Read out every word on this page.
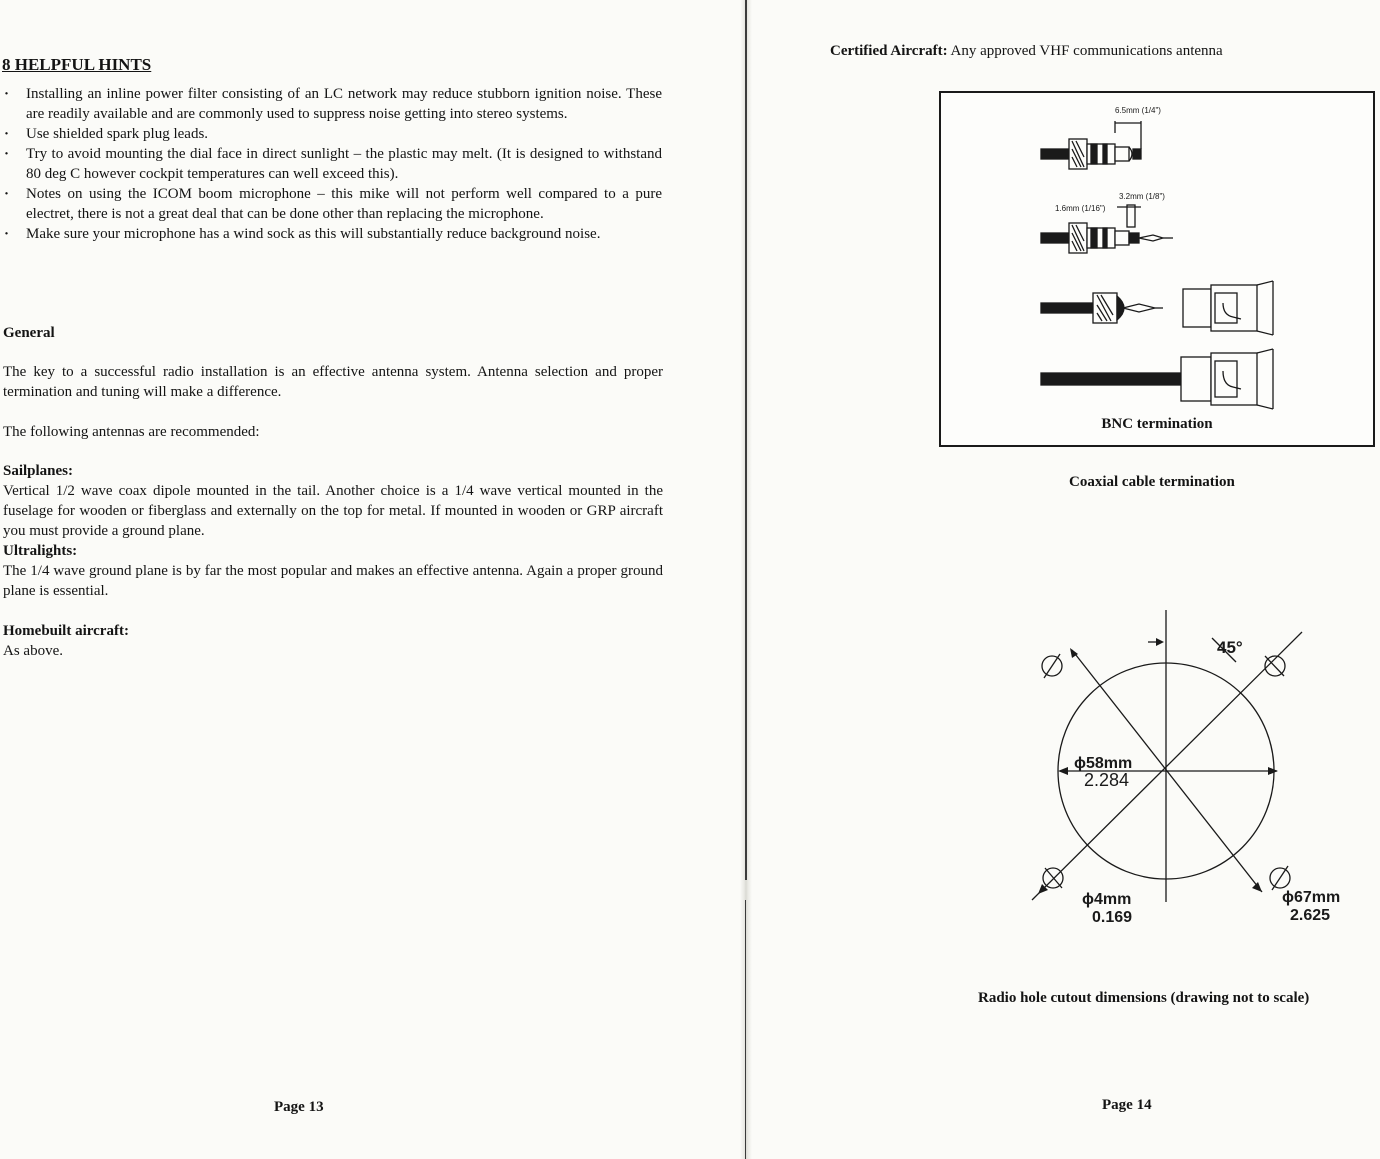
8 HELPFUL HINTS
· Installing an inline power filter consisting of an LC network may reduce stubborn ignition noise. These are readily available and are commonly used to suppress noise getting into stereo systems.
· Use shielded spark plug leads.
· Try to avoid mounting the dial face in direct sunlight – the plastic may melt. (It is designed to withstand 80 deg C however cockpit temperatures can well exceed this).
· Notes on using the ICOM boom microphone – this mike will not perform well compared to a pure electret, there is not a great deal that can be done other than replacing the microphone.
· Make sure your microphone has a wind sock as this will substantially reduce background noise.

General

The key to a successful radio installation is an effective antenna system. Antenna selection and proper termination and tuning will make a difference.

The following antennas are recommended:

Sailplanes:

Vertical 1/2 wave coax dipole mounted in the tail. Another choice is a 1/4 wave vertical mounted in the fuselage for wooden or fiberglass and externally on the top for metal. If mounted in wooden or GRP aircraft you must provide a ground plane.

Ultralights:

The 1/4 wave ground plane is by far the most popular and makes an effective antenna. Again a proper ground plane is essential.

Homebuilt aircraft:

As above.

Page 13
Certified Aircraft: Any approved VHF communications antenna
6.5mm (1/4")
3.2mm (1/8")
1.6mm (1/16")
BNC termination
Coaxial cable termination
45°
ɸ58mm
2.284
ɸ4mm
0.169
ɸ67mm
2.625
Radio hole cutout dimensions (drawing not to scale)
Page 14
